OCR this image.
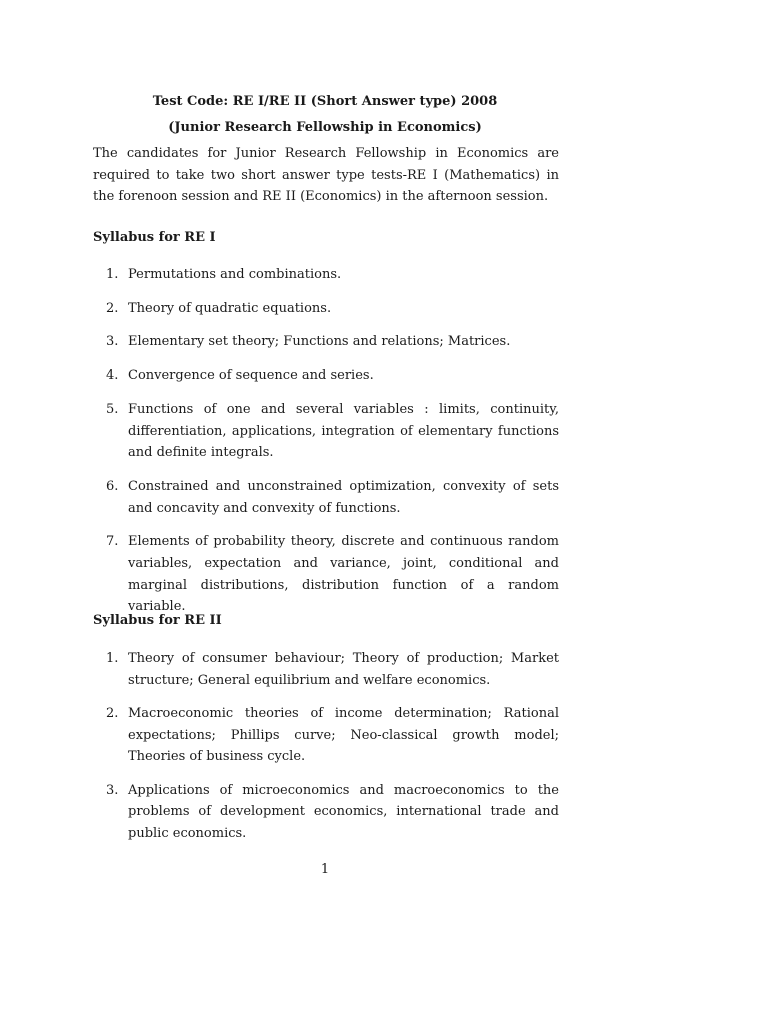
Test Code: RE I/RE II (Short Answer type) 2008
(Junior Research Fellowship in Economics)

The candidates for Junior Research Fellowship in Economics are required to take two short answer type tests-RE I (Mathematics) in the forenoon session and RE II (Economics) in the afternoon session.

Syllabus for RE I
1. Permutations and combinations.
2. Theory of quadratic equations.
3. Elementary set theory; Functions and relations; Matrices.
4. Convergence of sequence and series.
5. Functions of one and several variables : limits, continuity, differentiation, applications, integration of elementary functions and definite integrals.
6. Constrained and unconstrained optimization, convexity of sets and concavity and convexity of functions.
7. Elements of probability theory, discrete and continuous random variables, expectation and variance, joint, conditional and marginal distributions, distribution function of a random variable.
Syllabus for RE II
1. Theory of consumer behaviour; Theory of production; Market structure; General equilibrium and welfare economics.
2. Macroeconomic theories of income determination; Rational expectations; Phillips curve; Neo-classical growth model; Theories of business cycle.
3. Applications of microeconomics and macroeconomics to the problems of development economics, international trade and public economics.
1
